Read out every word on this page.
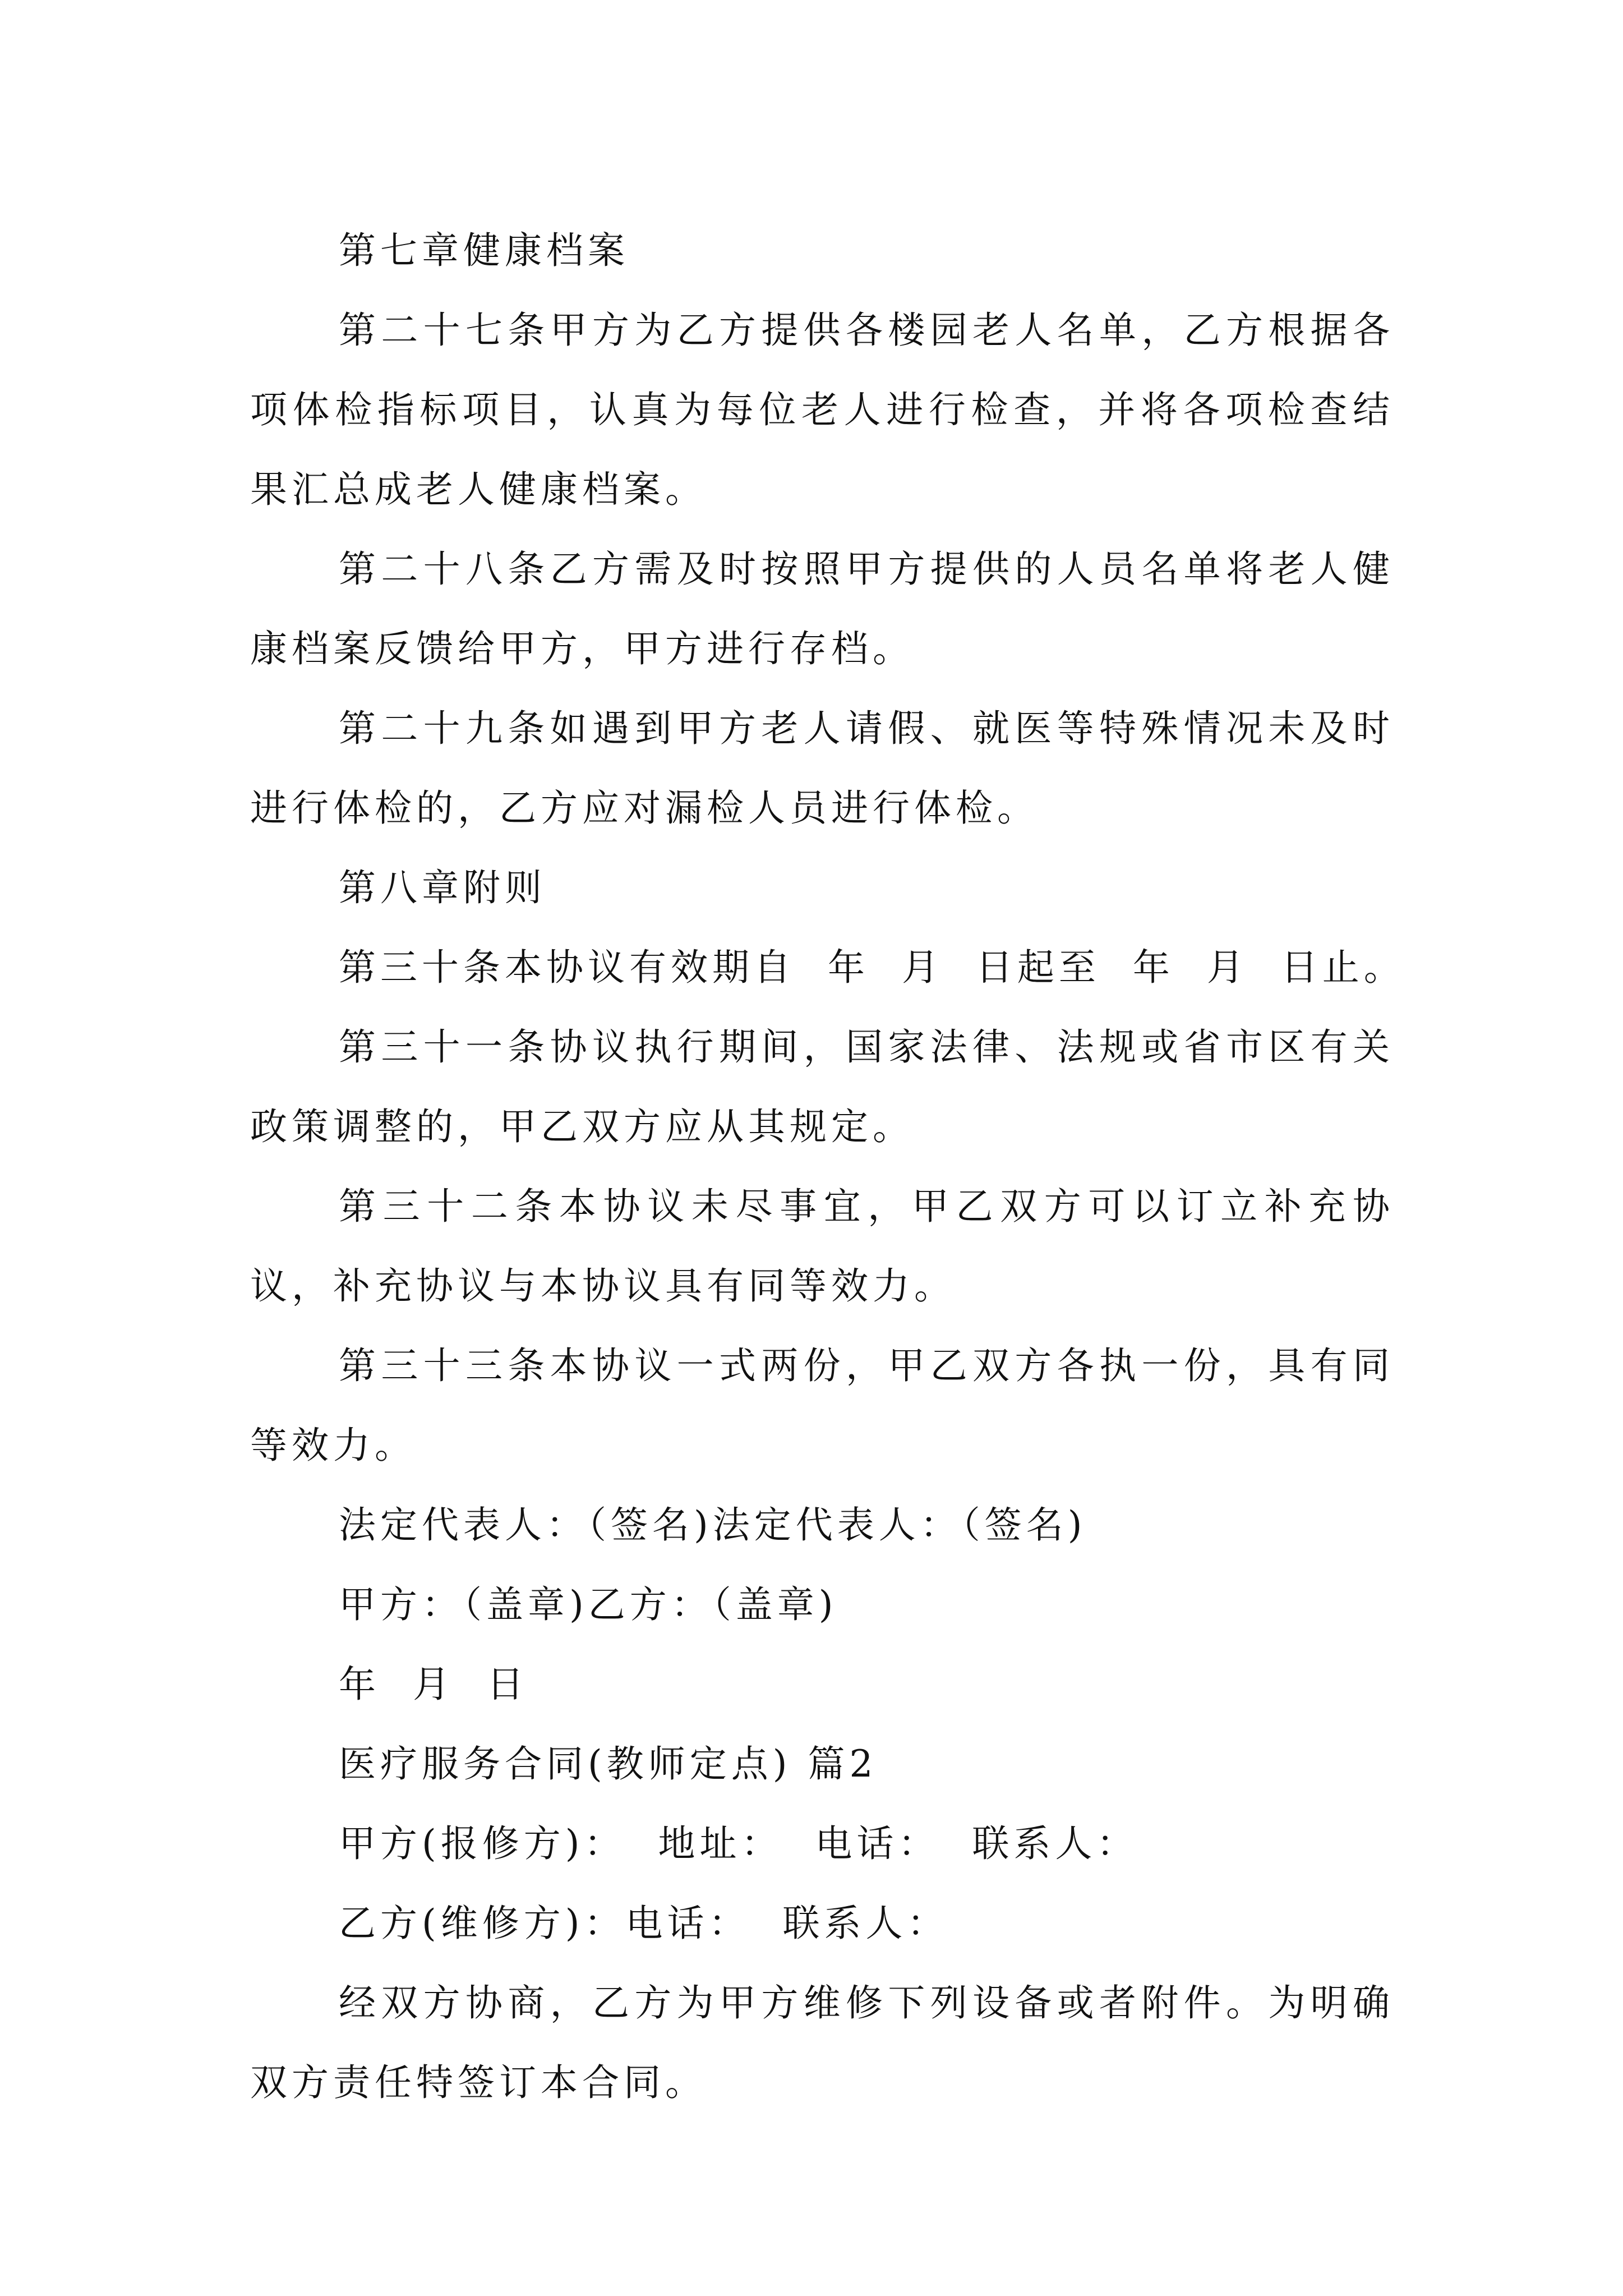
第七章健康档案

第二十七条甲方为乙方提供各楼园老人名单，乙方根据各项体检指标项目，认真为每位老人进行检查，并将各项检查结果汇总成老人健康档案。

第二十八条乙方需及时按照甲方提供的人员名单将老人健康档案反馈给甲方，甲方进行存档。

第二十九条如遇到甲方老人请假、就医等特殊情况未及时进行体检的，乙方应对漏检人员进行体检。

第八章附则

第三十条本协议有效期自  年  月  日起至  年  月  日止。

第三十一条协议执行期间，国家法律、法规或省市区有关政策调整的，甲乙双方应从其规定。

第三十二条本协议未尽事宜，甲乙双方可以订立补充协议，补充协议与本协议具有同等效力。

第三十三条本协议一式两份，甲乙双方各执一份，具有同等效力。

法定代表人：（签名)法定代表人：（签名)

甲方：（盖章)乙方：（盖章)

年  月  日

医疗服务合同(教师定点) 篇2

甲方(报修方)：  地址：  电话：  联系人：

乙方(维修方)：电话：  联系人：

经双方协商，乙方为甲方维修下列设备或者附件。为明确双方责任特签订本合同。
